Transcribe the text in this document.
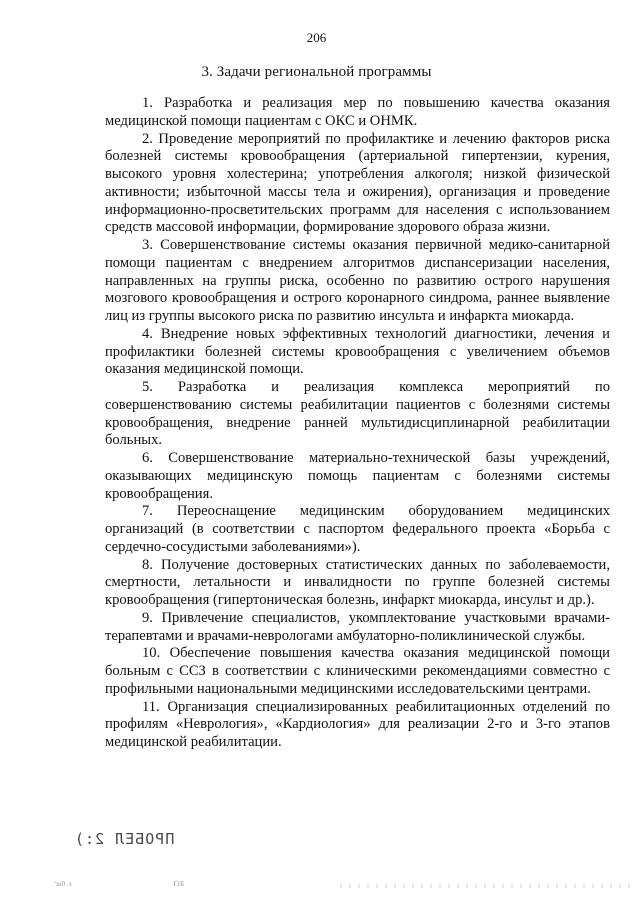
206
3. Задачи региональной программы

1. Разработка и реализация мер по повышению качества оказания медицинской помощи пациентам с ОКС и ОНМК.

2. Проведение мероприятий по профилактике и лечению факторов риска болезней системы кровообращения (артериальной гипертензии, курения, высокого уровня холестерина; употребления алкоголя; низкой физической активности; избыточной массы тела и ожирения), организация и проведение информационно-просветительских программ для населения с использованием средств массовой информации, формирование здорового образа жизни.

3. Совершенствование системы оказания первичной медико-санитарной помощи пациентам с внедрением алгоритмов диспансеризации населения, направленных на группы риска, особенно по развитию острого нарушения мозгового кровообращения и острого коронарного синдрома, раннее выявление лиц из группы высокого риска по развитию инсульта и инфаркта миокарда.

4. Внедрение новых эффективных технологий диагностики, лечения и профилактики болезней системы кровообращения с увеличением объемов оказания медицинской помощи.

5. Разработка и реализация комплекса мероприятий по совершенствованию системы реабилитации пациентов с болезнями системы кровообращения, внедрение ранней мультидисциплинарной реабилитации больных.

6. Совершенствование материально-технической базы учреждений, оказывающих медицинскую помощь пациентам с болезнями системы кровообращения.

7. Переоснащение медицинским оборудованием медицинских организаций (в соответствии с паспортом федерального проекта «Борьба с сердечно-сосудистыми заболеваниями»).

8. Получение достоверных статистических данных по заболеваемости, смертности, летальности и инвалидности по группе болезней системы кровообращения (гипертоническая болезнь, инфаркт миокарда, инсульт и др.).

9. Привлечение специалистов, укомплектование участковыми врачами-терапевтами и врачами-неврологами амбулаторно-поликлинической службы.

10. Обеспечение повышения качества оказания медицинской помощи больным с ССЗ в соответствии с клиническими рекомендациями совместно с профильными национальными медицинскими исследовательскими центрами.

11. Организация специализированных реабилитационных отделений по профилям «Неврология», «Кардиология» для реализации 2-го и 3-го этапов медицинской реабилитации.

ПРОБЕЛ 2:)
'ш0 .э	Ґ1Б
